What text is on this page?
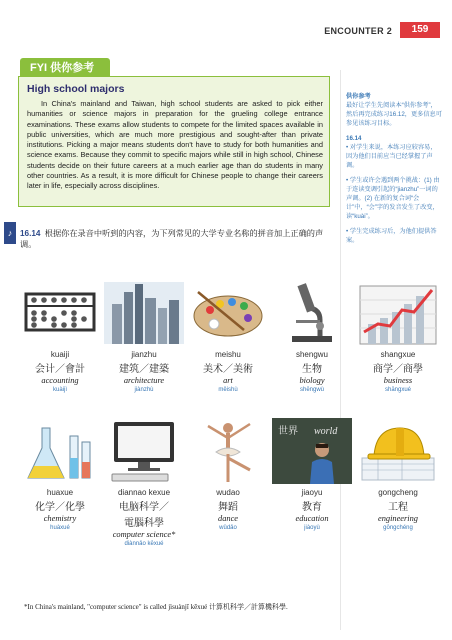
ENCOUNTER 2	159
FYI 供你参考
High school majors
In China's mainland and Taiwan, high school students are asked to pick either humanities or science majors in preparation for the grueling college entrance examinations. These exams allow students to compete for the limited spaces available in public universities, which are much more prestigious and sought-after than private institutions. Picking a major means students don't have to study for both humanities and science exams. Because they commit to specific majors while still in high school, Chinese students decide on their future careers at a much earlier age than do students in many other countries. As a result, it is more difficult for Chinese people to change their careers later in life, especially across disciplines.
供你参考
最好让学生先阅读本“供你参考”，然后再完成练习16.12，更多信息可参见该练习目标。
16.14
• 对学生来说，本练习应较容易，因为他们目前应当已经掌握了声调。
• 学生或许会遇到两个挑战：(1) 由于连读变调引起的“jianzhu”一词的声调。(2) 在新的复合词“会计”中，“会”字的发音发生了改变，读“kuài”。
• 学生完成练习后，为他们提供答案。
♪ 16.14 根据你在录音中听到的内容，为下列常见的大学专业名称的拼音加上正确的声调。
kuaiji
会计／會計
accounting
kuàijì
jianzhu
建筑／建築
architecture
jiànzhù
meishu
美术／美術
art
měishù
shengwu
生物
biology
shēngwù
shangxue
商学／商學
business
shāngxué
huaxue
化学／化學
chemistry
huàxué
diannao kexue
电脑科学／
電腦科學
computer science*
diànnǎo kēxué
wudao
舞蹈
dance
wǔdǎo
世界 world
jiaoyu
教育
education
jiàoyù
gongcheng
工程
engineering
gōngchéng
*In China's mainland, "computer science" is called jìsuànjī kēxué 计算机科学／計算機科學.
